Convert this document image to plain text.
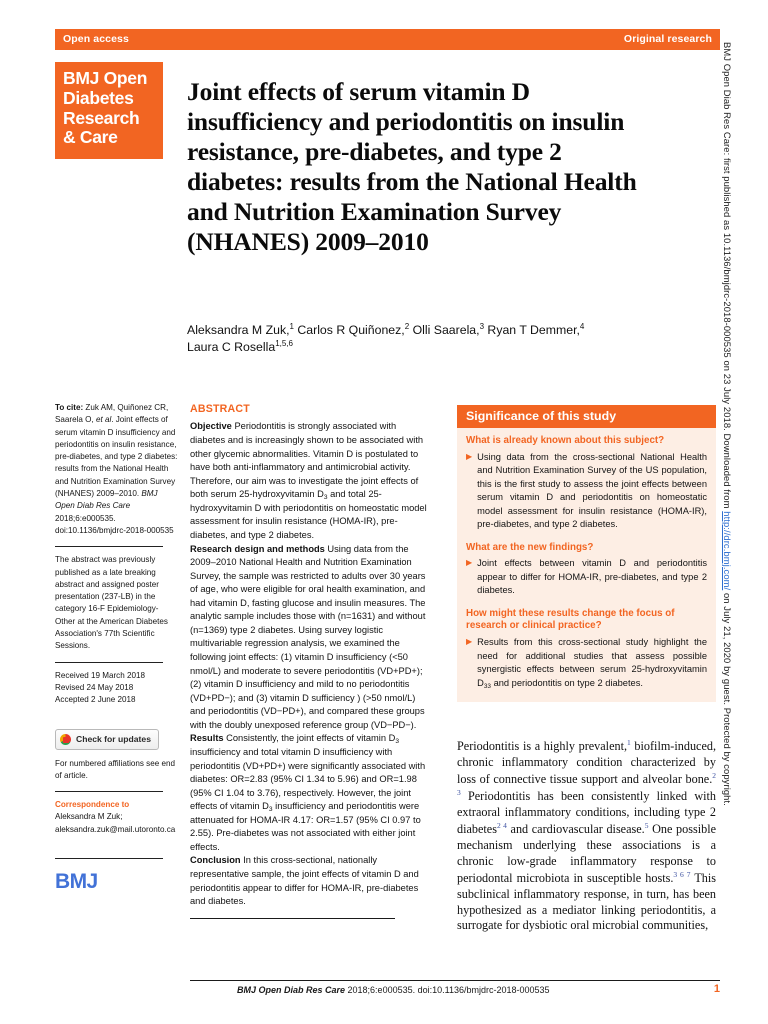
Open access	Original research
BMJ Open
Diabetes
Research
& Care
Joint effects of serum vitamin D insufficiency and periodontitis on insulin resistance, pre-diabetes, and type 2 diabetes: results from the National Health and Nutrition Examination Survey (NHANES) 2009–2010
Aleksandra M Zuk,$^1$ Carlos R Quiñonez,$^2$ Olli Saarela,$^3$ Ryan T Demmer,$^4$
Laura C Rosella$^{1,5,6}$

To cite: Zuk AM, Quiñonez CR, Saarela O, et al. Joint effects of serum vitamin D insufficiency and periodontitis on insulin resistance, pre-diabetes, and type 2 diabetes: results from the National Health and Nutrition Examination Survey (NHANES) 2009–2010. BMJ Open Diab Res Care 2018;6:e000535. doi:10.1136/bmjdrc-2018-000535

The abstract was previously published as a late breaking abstract and assigned poster presentation (237-LB) in the category 16-F Epidemiology-Other at the American Diabetes Association's 77th Scientific Sessions.

Received 19 March 2018

Revised 24 May 2018

Accepted 2 June 2018

Check for updates

For numbered affiliations see end of article.

Correspondence to

Aleksandra M Zuk;

aleksandra.zuk@mail.utoronto.ca

BMJ
ABSTRACT

Objective Periodontitis is strongly associated with diabetes and is increasingly shown to be associated with other glycemic abnormalities. Vitamin D is postulated to have both anti-inflammatory and antimicrobial activity. Therefore, our aim was to investigate the joint effects of both serum 25-hydroxyvitamin $D_3$ and total 25-hydroxyvitamin D with periodontitis on homeostatic model assessment for insulin resistance (HOMA-IR), pre-diabetes, and type 2 diabetes.

Research design and methods Using data from the 2009–2010 National Health and Nutrition Examination Survey, the sample was restricted to adults over 30 years of age, who were eligible for oral health examination, and had vitamin D, fasting glucose and insulin measures. The analytic sample includes those with (n=1631) and without (n=1369) type 2 diabetes. Using survey logistic multivariable regression analysis, we examined the following joint effects: (1) vitamin D insufficiency (<50 nmol/L) and moderate to severe periodontitis (VD+PD+); (2) vitamin D insufficiency and mild to no periodontitis (VD+PD−); and (3) vitamin D sufficiency ) (>50 nmol/L) and periodontitis (VD−PD+), and compared these groups with the doubly unexposed reference group (VD−PD−).

Results Consistently, the joint effects of vitamin $D_3$ insufficiency and total vitamin D insufficiency with periodontitis (VD+PD+) were significantly associated with diabetes: OR=2.83 (95% CI 1.34 to 5.96) and OR=1.98 (95% CI 1.04 to 3.76), respectively. However, the joint effects of vitamin $D_3$ insufficiency and periodontitis were attenuated for HOMA-IR 4.17: OR=1.57 (95% CI 0.97 to 2.55). Pre-diabetes was not associated with either joint effects.

Conclusion In this cross-sectional, nationally representative sample, the joint effects of vitamin D and periodontitis appear to differ for HOMA-IR, pre-diabetes and diabetes.

Significance of this study

What is already known about this subject?

▶ Using data from the cross-sectional National Health and Nutrition Examination Survey of the US population, this is the first study to assess the joint effects between serum vitamin D and periodontitis on homeostatic model assessment for insulin resistance (HOMA-IR), pre-diabetes, and type 2 diabetes.

What are the new findings?

▶ Joint effects between vitamin D and periodontitis appear to differ for HOMA-IR, pre-diabetes, and type 2 diabetes.

How might these results change the focus of research or clinical practice?

▶ Results from this cross-sectional study highlight the need for additional studies that assess possible synergistic effects between serum 25-hydroxyvitamin $D_{33}$ and periodontitis on type 2 diabetes.
Periodontitis is a highly prevalent,$^1$ biofilm-induced, chronic inflammatory condition characterized by loss of connective tissue support and alveolar bone.$^{2 3}$ Periodontitis has been consistently linked with extraoral inflammatory conditions, including type 2 diabetes$^{2 4}$ and cardiovascular disease.$^5$ One possible mechanism underlying these associations is a chronic low-grade inflammatory response to periodontal microbiota in susceptible hosts.$^{3 6 7}$ This subclinical inflammatory response, in turn, has been hypothesized as a mediator linking periodontitis, a surrogate for dysbiotic oral microbial communities,
BMJ Open Diab Res Care 2018;6:e000535. doi:10.1136/bmjdrc-2018-000535	1
BMJ Open Diab Res Care: first published as 10.1136/bmjdrc-2018-000535 on 23 July 2018. Downloaded from http://drc.bmj.com/ on July 21, 2020 by guest. Protected by copyright.
